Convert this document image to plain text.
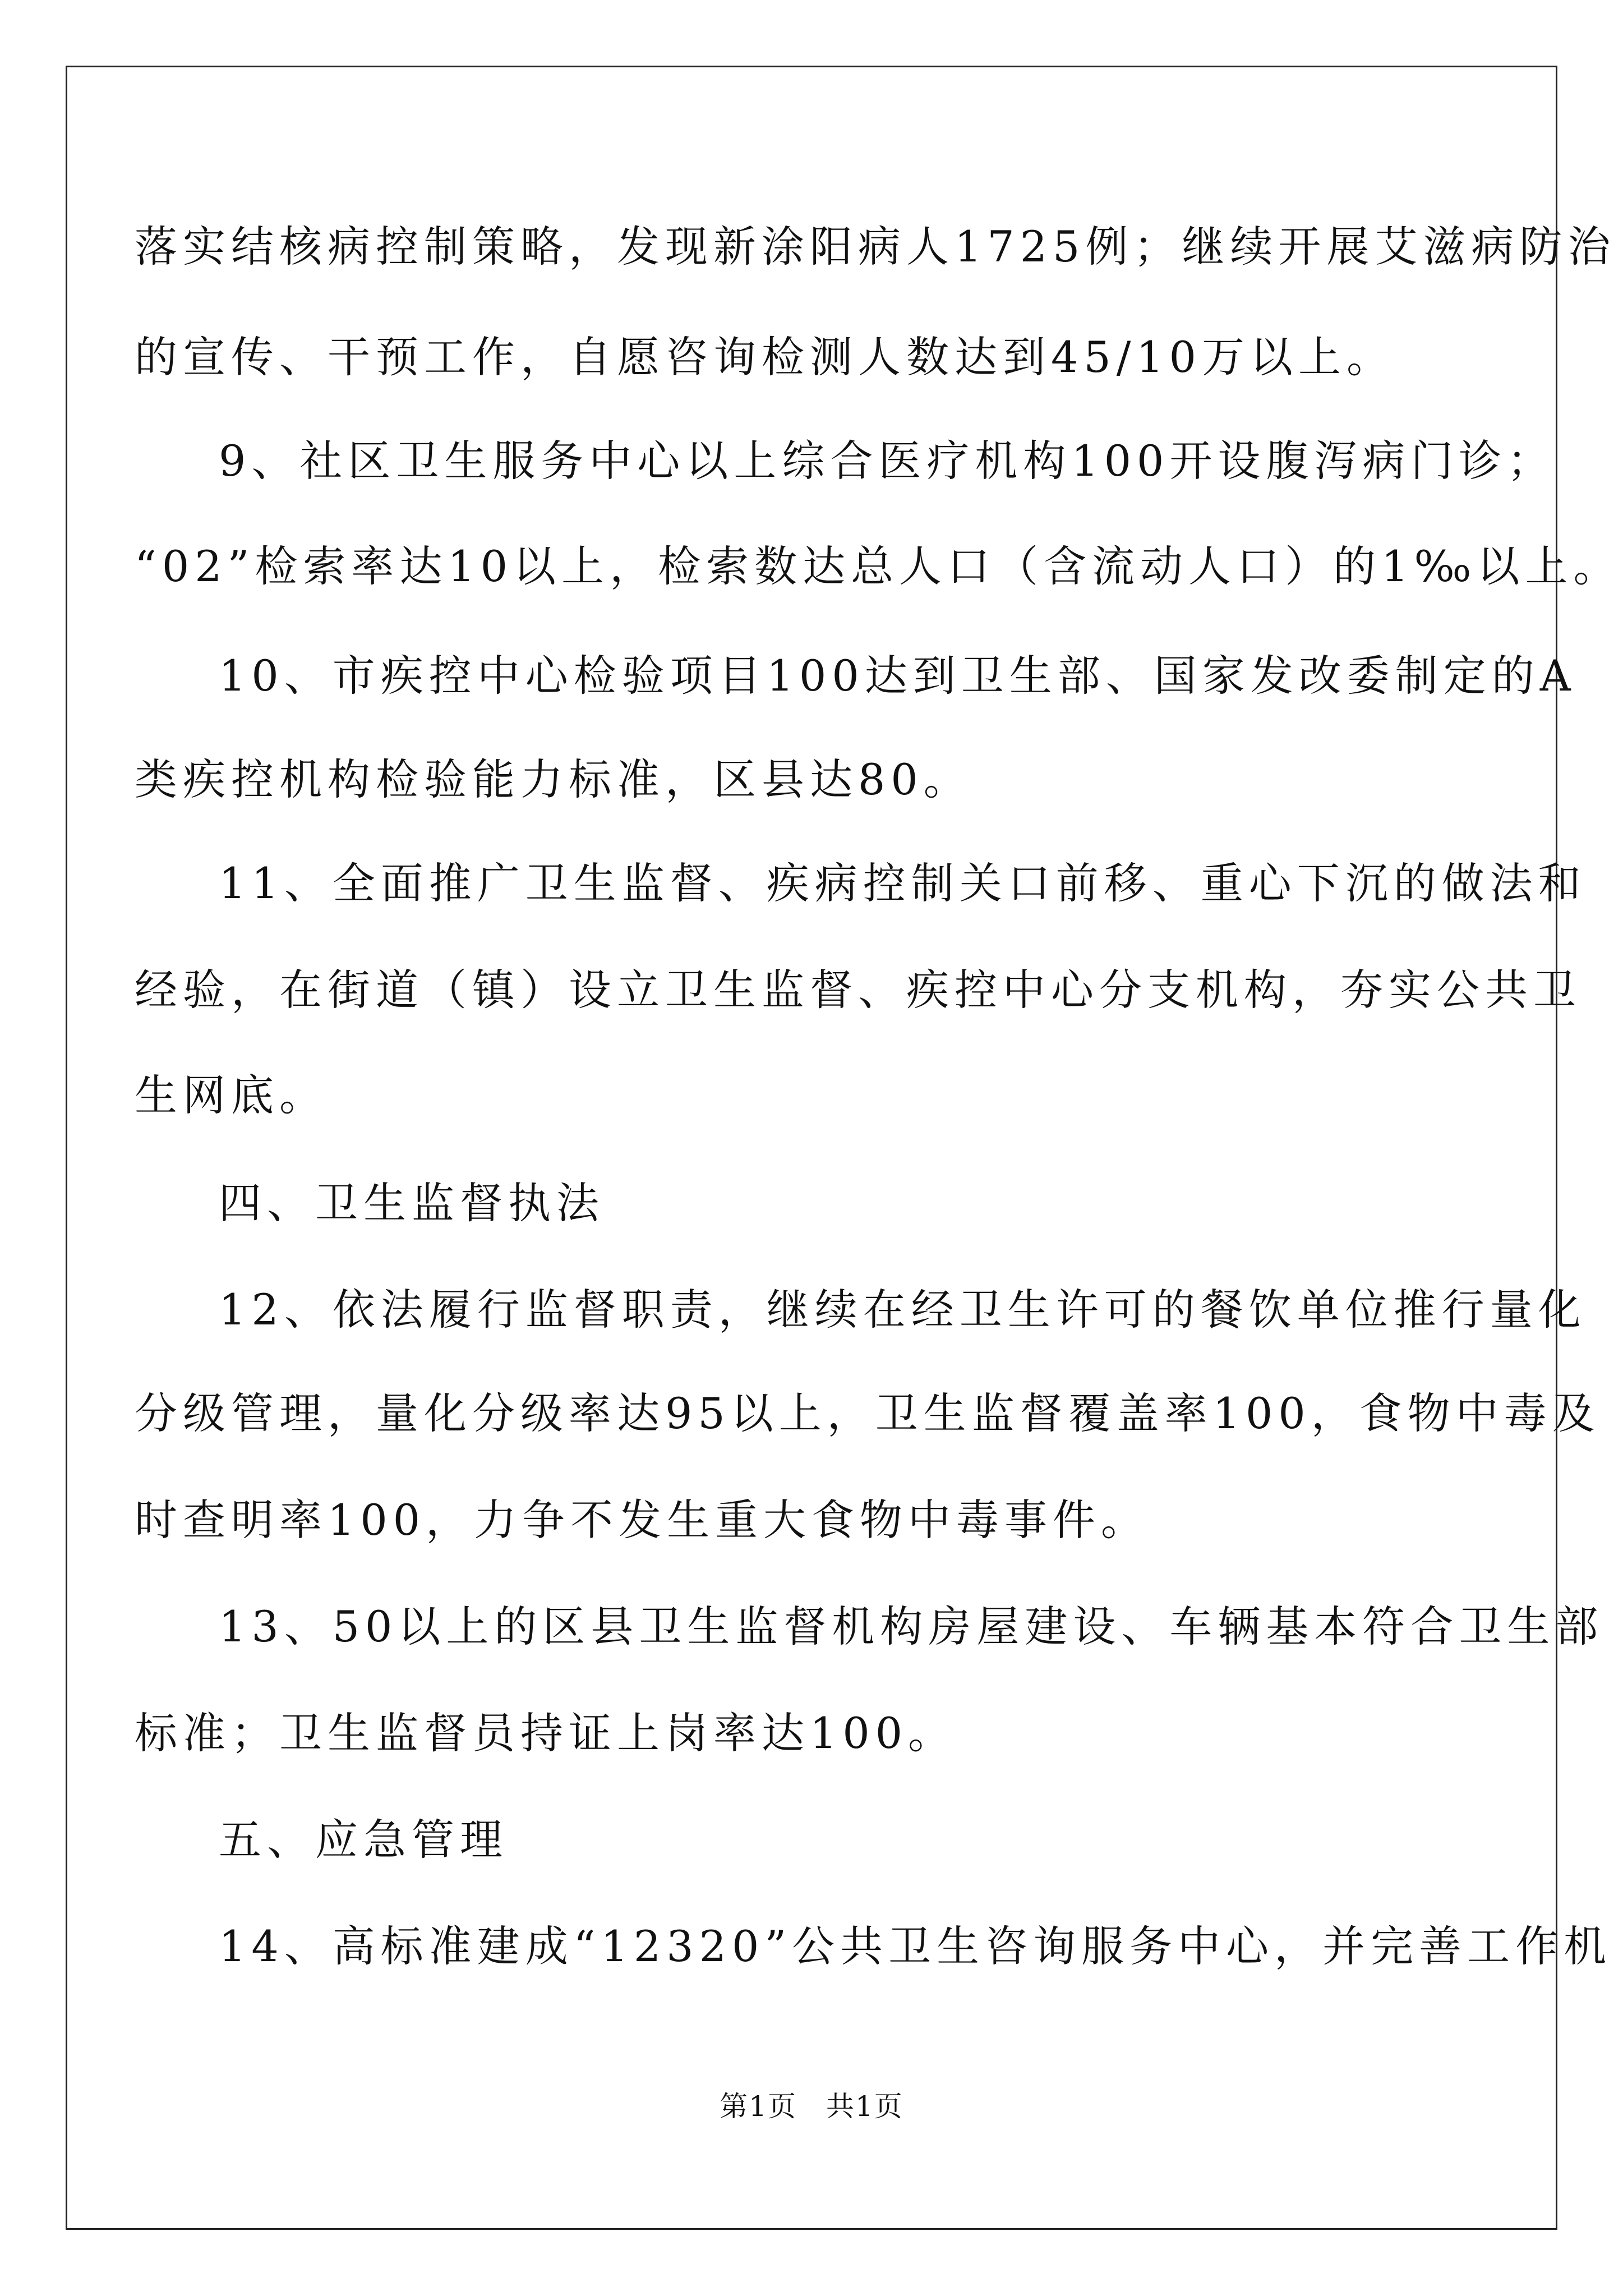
落实结核病控制策略，发现新涂阳病人1725例；继续开展艾滋病防治
的宣传、干预工作，自愿咨询检测人数达到45/10万以上。
9、社区卫生服务中心以上综合医疗机构100开设腹泻病门诊；
“02”检索率达10以上，检索数达总人口（含流动人口）的1‰以上。
10、市疾控中心检验项目100达到卫生部、国家发改委制定的A
类疾控机构检验能力标准，区县达80。
11、全面推广卫生监督、疾病控制关口前移、重心下沉的做法和
经验，在街道（镇）设立卫生监督、疾控中心分支机构，夯实公共卫
生网底。
四、卫生监督执法
12、依法履行监督职责，继续在经卫生许可的餐饮单位推行量化
分级管理，量化分级率达95以上，卫生监督覆盖率100，食物中毒及
时查明率100，力争不发生重大食物中毒事件。
13、50以上的区县卫生监督机构房屋建设、车辆基本符合卫生部
标准；卫生监督员持证上岗率达100。
五、应急管理
14、高标准建成“12320”公共卫生咨询服务中心，并完善工作机
第1页　共1页
